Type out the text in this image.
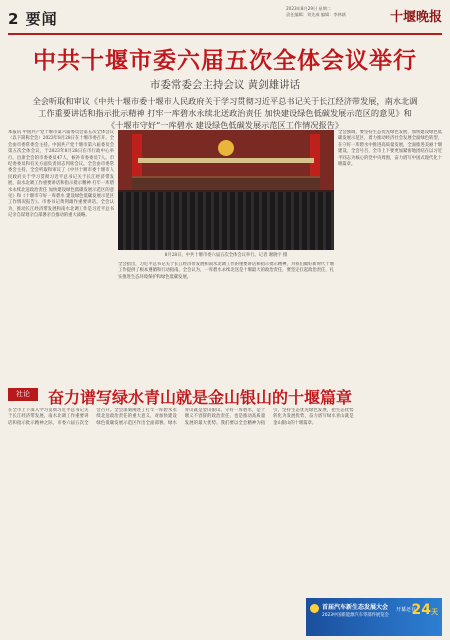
2 要闻
2023年8月29日 星期二
责任编辑：刘先威 编辑：李林斌	十堰晚报
中共十堰市委六届五次全体会议举行
市委常委会主持会议 黄剑雄讲话
全会听取和审议《中共十堰市委十堰市人民政府关于学习贯彻习近平总书记关于长江经济带发展，南水北调工作重要讲话和指示批示精神 打牢一库碧水永续北送政治责任 加快建设绿色低碳发展示范区的意见》和《十堰市守好“一库碧水 建设绿色低碳发展示范区工作情况报告》
本报讯 中国共产党十堰市第六届委员会第五次全体会议（以下简称全会）2023年8月28日在十堰市委召开。全会由市委常委会主持。中国共产党十堰市第六届委员会第五次全体会议，于2023年8月28日在市行政中心举行。出席全会的市委委员47人，候补市委委员7人。市纪委委员和有关方面负责同志列席会议。全会由市委常委会主持。全会听取和审议了《中共十堰市委十堰市人民政府关于学习贯彻习近平总书记关于长江经济带发展，南水北调工作重要讲话和指示批示精神 打牢一库碧水永续北送政治责任 加快建设绿色低碳发展示范区的意见》和《十堰市守好一库碧水 建设绿色低碳发展示范区工作情况报告》。市委书记黄剑雄作重要讲话。全会认为，推动长江经济带发展和南水北调工作是习近平总书记亲自谋划亲自部署亲自推动的重大战略。
全会指出，习近平总书记关于长江经济带发展和南水北调工作的重要讲话和指示批示精神，为我们做好新时代十堰工作提供了根本遵循和行动指南。全会认为，一库碧水永续北送是十堰最大的政治责任，要坚定扛起政治责任，扎实推进生态环境保护和绿色低碳发展。
全会强调，要坚持生态优先绿色发展，加快建设绿色低碳发展示范区，着力推动经济社会发展全面绿色转型，在守好一库碧水中推进高质量发展，全面推进美丽十堰建设。全会号召，全市上下要更加紧密地团结在以习近平同志为核心的党中央周围，奋力谱写中国式现代化十堰篇章。
8月28日，中共十堰市委六届五次全体会议举行。记者 谢晓宇 摄
社论	奋力谱写绿水青山就是金山银山的十堰篇章
在全市上下深入学习贯彻习近平总书记关于长江经济带发展，南水北调工作重要讲话和指示批示精神之际，市委六届五次全会召开。全会深刻阐述了打牢一库碧水永续北送政治责任的重大意义，对加快建设绿色低碳发展示范区作出全面部署。绿水青山就是金山银山。守好一库碧水，是十堰义不容辞的政治责任，也是推动高质量发展的最大优势。我们要以全会精神为指引，坚持生态优先绿色发展，把生态优势转化为发展优势，奋力谱写绿水青山就是金山银山的十堰篇章。
首届汽车新生态发展大会
2023中国新能源汽车零部件展览会
开幕还有
24天
